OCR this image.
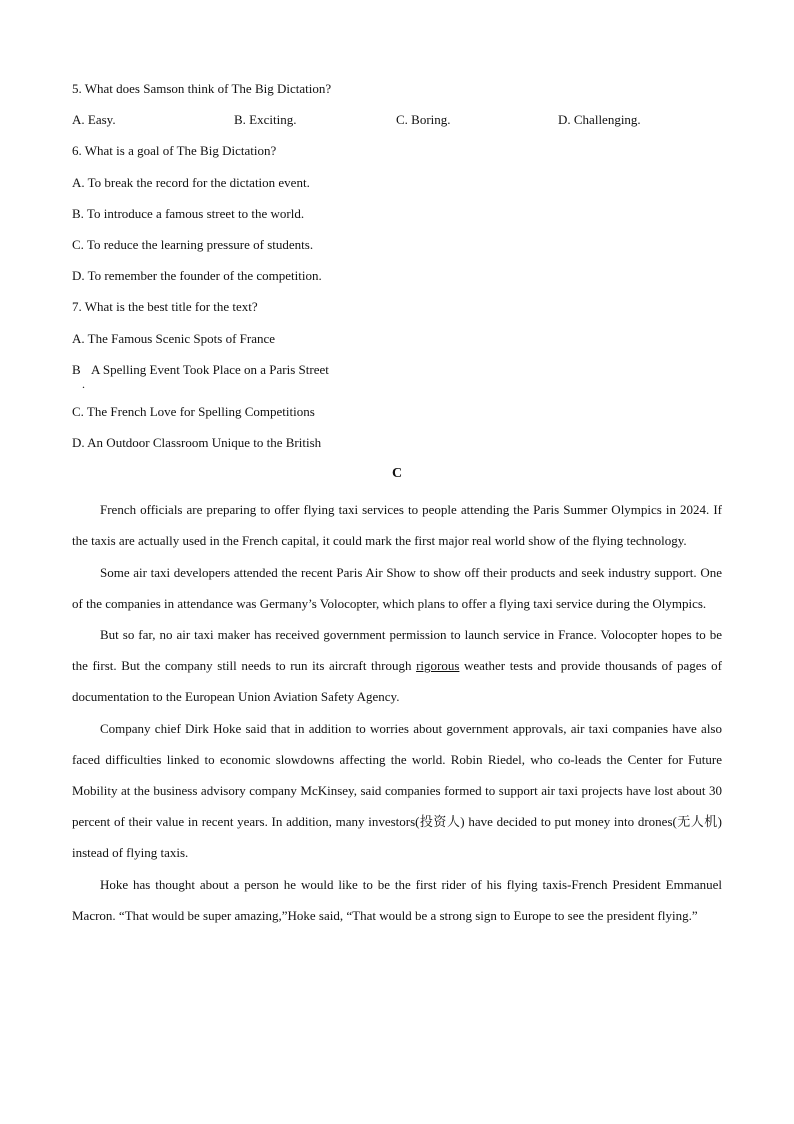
5. What does Samson think of The Big Dictation?
A. Easy.	B. Exciting.	C. Boring.	D. Challenging.
6. What is a goal of The Big Dictation?
A. To break the record for the dictation event.
B. To introduce a famous street to the world.
C. To reduce the learning pressure of students.
D. To remember the founder of the competition.
7. What is the best title for the text?
A. The Famous Scenic Spots of France
B A Spelling Event Took Place on a Paris Street
.
C. The French Love for Spelling Competitions
D. An Outdoor Classroom Unique to the British
C

French officials are preparing to offer flying taxi services to people attending the Paris Summer Olympics in 2024. If the taxis are actually used in the French capital, it could mark the first major real world show of the flying technology.

Some air taxi developers attended the recent Paris Air Show to show off their products and seek industry support. One of the companies in attendance was Germany’s Volocopter, which plans to offer a flying taxi service during the Olympics.

But so far, no air taxi maker has received government permission to launch service in France. Volocopter hopes to be the first. But the company still needs to run its aircraft through rigorous weather tests and provide thousands of pages of documentation to the European Union Aviation Safety Agency.

Company chief Dirk Hoke said that in addition to worries about government approvals, air taxi companies have also faced difficulties linked to economic slowdowns affecting the world. Robin Riedel, who co-leads the Center for Future Mobility at the business advisory company McKinsey, said companies formed to support air taxi projects have lost about 30 percent of their value in recent years. In addition, many investors(投资人) have decided to put money into drones(无人机) instead of flying taxis.

Hoke has thought about a person he would like to be the first rider of his flying taxis-French President Emmanuel Macron. “That would be super amazing,”Hoke said, “That would be a strong sign to Europe to see the president flying.”
